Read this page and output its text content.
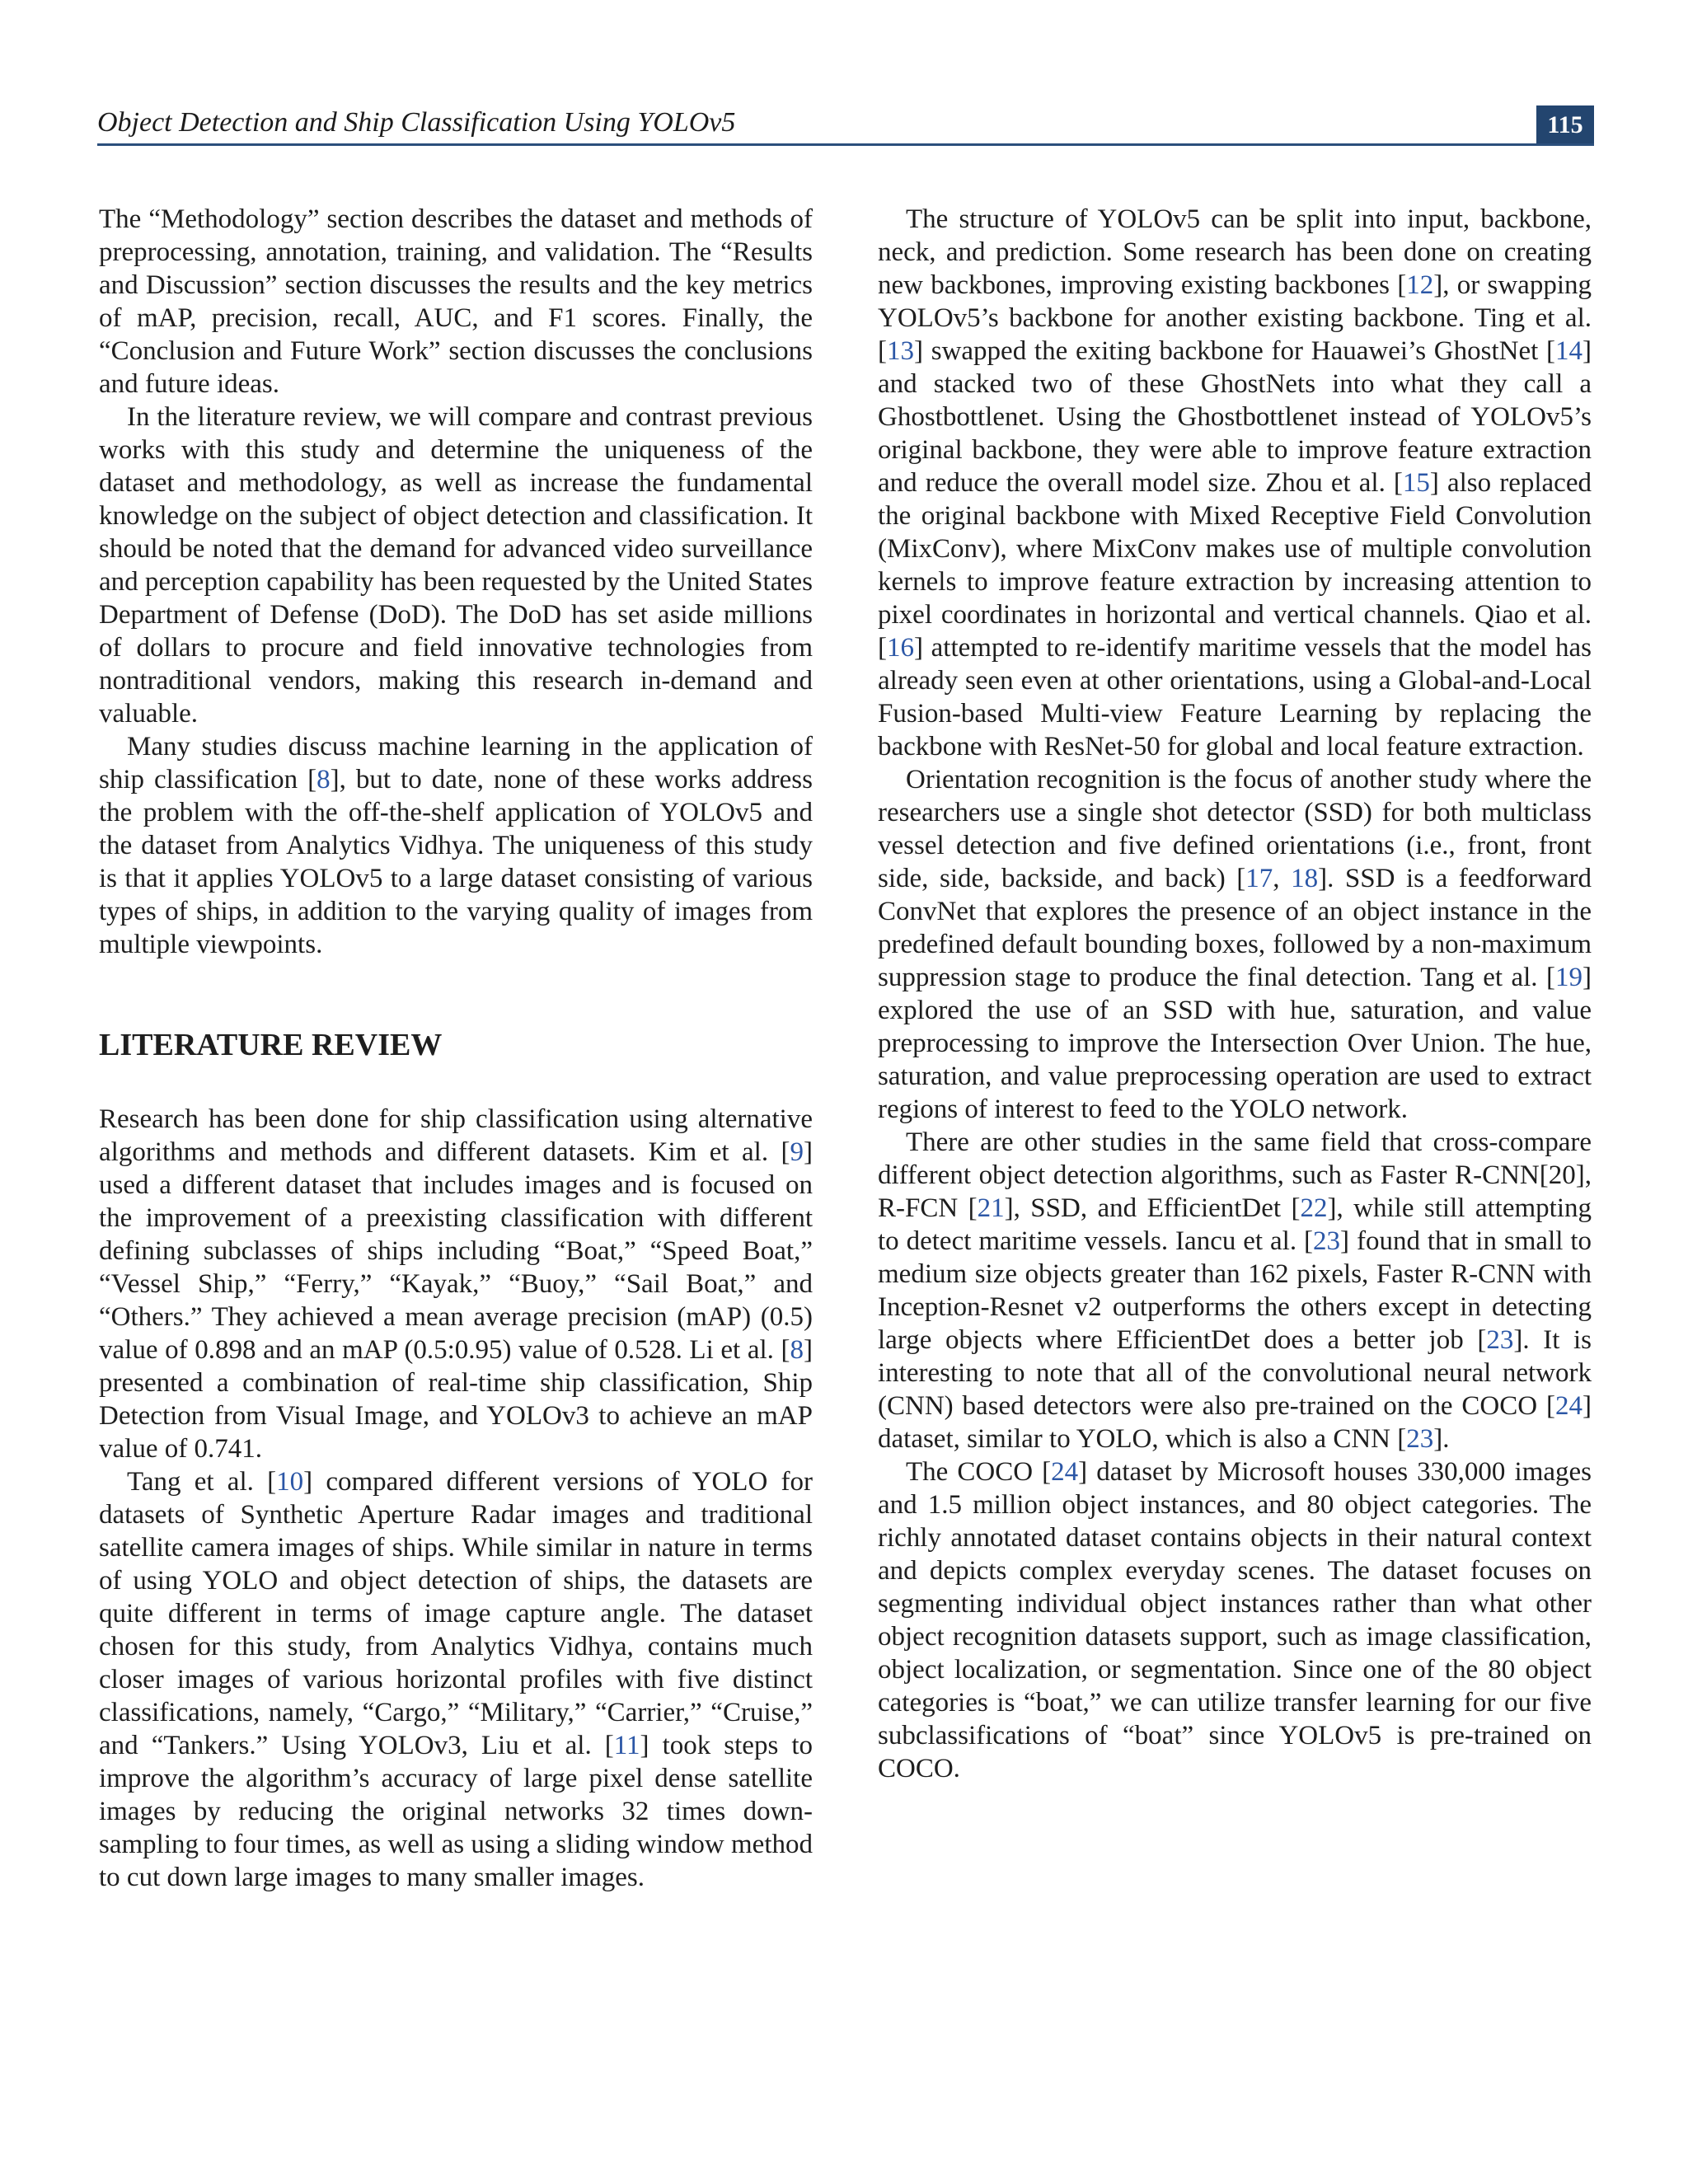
Object Detection and Ship Classification Using YOLOv5	115

The “Methodology” section describes the dataset and methods of preprocessing, annotation, training, and validation. The “Results and Discussion” section discusses the results and the key metrics of mAP, precision, recall, AUC, and F1 scores. Finally, the “Conclusion and Future Work” section discusses the conclusions and future ideas.

In the literature review, we will compare and contrast previous works with this study and determine the uniqueness of the dataset and methodology, as well as increase the fundamental knowledge on the subject of object detection and classification. It should be noted that the demand for advanced video surveillance and perception capability has been requested by the United States Department of Defense (DoD). The DoD has set aside millions of dollars to procure and field innovative technologies from nontraditional vendors, making this research in-demand and valuable.

Many studies discuss machine learning in the application of ship classification [8], but to date, none of these works address the problem with the off-the-shelf application of YOLOv5 and the dataset from Analytics Vidhya. The uniqueness of this study is that it applies YOLOv5 to a large dataset consisting of various types of ships, in addition to the varying quality of images from multiple viewpoints.

LITERATURE REVIEW

Research has been done for ship classification using alternative algorithms and methods and different datasets. Kim et al. [9] used a different dataset that includes images and is focused on the improvement of a preexisting classification with different defining subclasses of ships including “Boat,” “Speed Boat,” “Vessel Ship,” “Ferry,” “Kayak,” “Buoy,” “Sail Boat,” and “Others.” They achieved a mean average precision (mAP) (0.5) value of 0.898 and an mAP (0.5:0.95) value of 0.528. Li et al. [8] presented a combination of real-time ship classification, Ship Detection from Visual Image, and YOLOv3 to achieve an mAP value of 0.741.

Tang et al. [10] compared different versions of YOLO for datasets of Synthetic Aperture Radar images and traditional satellite camera images of ships. While similar in nature in terms of using YOLO and object detection of ships, the datasets are quite different in terms of image capture angle. The dataset chosen for this study, from Analytics Vidhya, contains much closer images of various horizontal profiles with five distinct classifications, namely, “Cargo,” “Military,” “Carrier,” “Cruise,” and “Tankers.” Using YOLOv3, Liu et al. [11] took steps to improve the algorithm’s accuracy of large pixel dense satellite images by reducing the original networks 32 times down-sampling to four times, as well as using a sliding window method to cut down large images to many smaller images.

The structure of YOLOv5 can be split into input, backbone, neck, and prediction. Some research has been done on creating new backbones, improving existing backbones [12], or swapping YOLOv5’s backbone for another existing backbone. Ting et al. [13] swapped the exiting backbone for Hauawei’s GhostNet [14] and stacked two of these GhostNets into what they call a Ghostbottlenet. Using the Ghostbottlenet instead of YOLOv5’s original backbone, they were able to improve feature extraction and reduce the overall model size. Zhou et al. [15] also replaced the original backbone with Mixed Receptive Field Convolution (MixConv), where MixConv makes use of multiple convolution kernels to improve feature extraction by increasing attention to pixel coordinates in horizontal and vertical channels. Qiao et al. [16] attempted to re-identify maritime vessels that the model has already seen even at other orientations, using a Global-and-Local Fusion-based Multi-view Feature Learning by replacing the backbone with ResNet-50 for global and local feature extraction.

Orientation recognition is the focus of another study where the researchers use a single shot detector (SSD) for both multiclass vessel detection and five defined orientations (i.e., front, front side, side, backside, and back) [17, 18]. SSD is a feedforward ConvNet that explores the presence of an object instance in the predefined default bounding boxes, followed by a non-maximum suppression stage to produce the final detection. Tang et al. [19] explored the use of an SSD with hue, saturation, and value preprocessing to improve the Intersection Over Union. The hue, saturation, and value preprocessing operation are used to extract regions of interest to feed to the YOLO network.

There are other studies in the same field that cross-compare different object detection algorithms, such as Faster R-CNN[20], R-FCN [21], SSD, and EfficientDet [22], while still attempting to detect maritime vessels. Iancu et al. [23] found that in small to medium size objects greater than 162 pixels, Faster R-CNN with Inception-Resnet v2 outperforms the others except in detecting large objects where EfficientDet does a better job [23]. It is interesting to note that all of the convolutional neural network (CNN) based detectors were also pre-trained on the COCO [24] dataset, similar to YOLO, which is also a CNN [23].

The COCO [24] dataset by Microsoft houses 330,000 images and 1.5 million object instances, and 80 object categories. The richly annotated dataset contains objects in their natural context and depicts complex everyday scenes. The dataset focuses on segmenting individual object instances rather than what other object recognition datasets support, such as image classification, object localization, or segmentation. Since one of the 80 object categories is “boat,” we can utilize transfer learning for our five subclassifications of “boat” since YOLOv5 is pre-trained on COCO.
